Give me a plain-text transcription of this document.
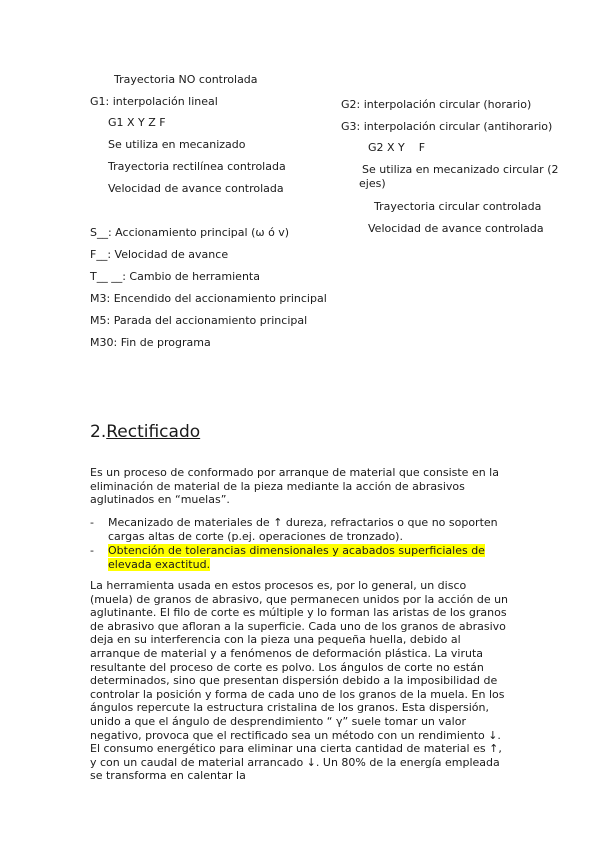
Trayectoria NO controlada
G1: interpolación lineal
G1 X Y Z F
Se utiliza en mecanizado
Trayectoria rectilínea controlada
Velocidad de avance controlada
S__: Accionamiento principal (ω ó v)
F__: Velocidad de avance
T__ __: Cambio de herramienta
M3: Encendido del accionamiento principal
M5: Parada del accionamiento principal
M30: Fin de programa
G2: interpolación circular (horario)
G3: interpolación circular (antihorario)
G2 X Y    F
Se utiliza en mecanizado circular (2
ejes)
Trayectoria circular controlada
Velocidad de avance controlada
2.Rectificado
Es un proceso de conformado por arranque de material que consiste en la eliminación de material de la pieza mediante la acción de abrasivos aglutinados en “muelas”.
- Mecanizado de materiales de ↑ dureza, refractarios o que no soporten cargas altas de corte (p.ej. operaciones de tronzado).
- Obtención de tolerancias dimensionales y acabados superficiales de elevada exactitud.
La herramienta usada en estos procesos es, por lo general, un disco (muela) de granos de abrasivo, que permanecen unidos por la acción de un aglutinante. El filo de corte es múltiple y lo forman las aristas de los granos de abrasivo que afloran a la superficie. Cada uno de los granos de abrasivo deja en su interferencia con la pieza una pequeña huella, debido al arranque de material y a fenómenos de deformación plástica. La viruta resultante del proceso de corte es polvo. Los ángulos de corte no están determinados, sino que presentan dispersión debido a la imposibilidad de controlar la posición y forma de cada uno de los granos de la muela. En los ángulos repercute la estructura cristalina de los granos. Esta dispersión, unido a que el ángulo de desprendimiento “ γ” suele tomar un valor negativo, provoca que el rectificado sea un método con un rendimiento ↓. El consumo energético para eliminar una cierta cantidad de material es ↑, y con un caudal de material arrancado ↓. Un 80% de la energía empleada se transforma en calentar la
